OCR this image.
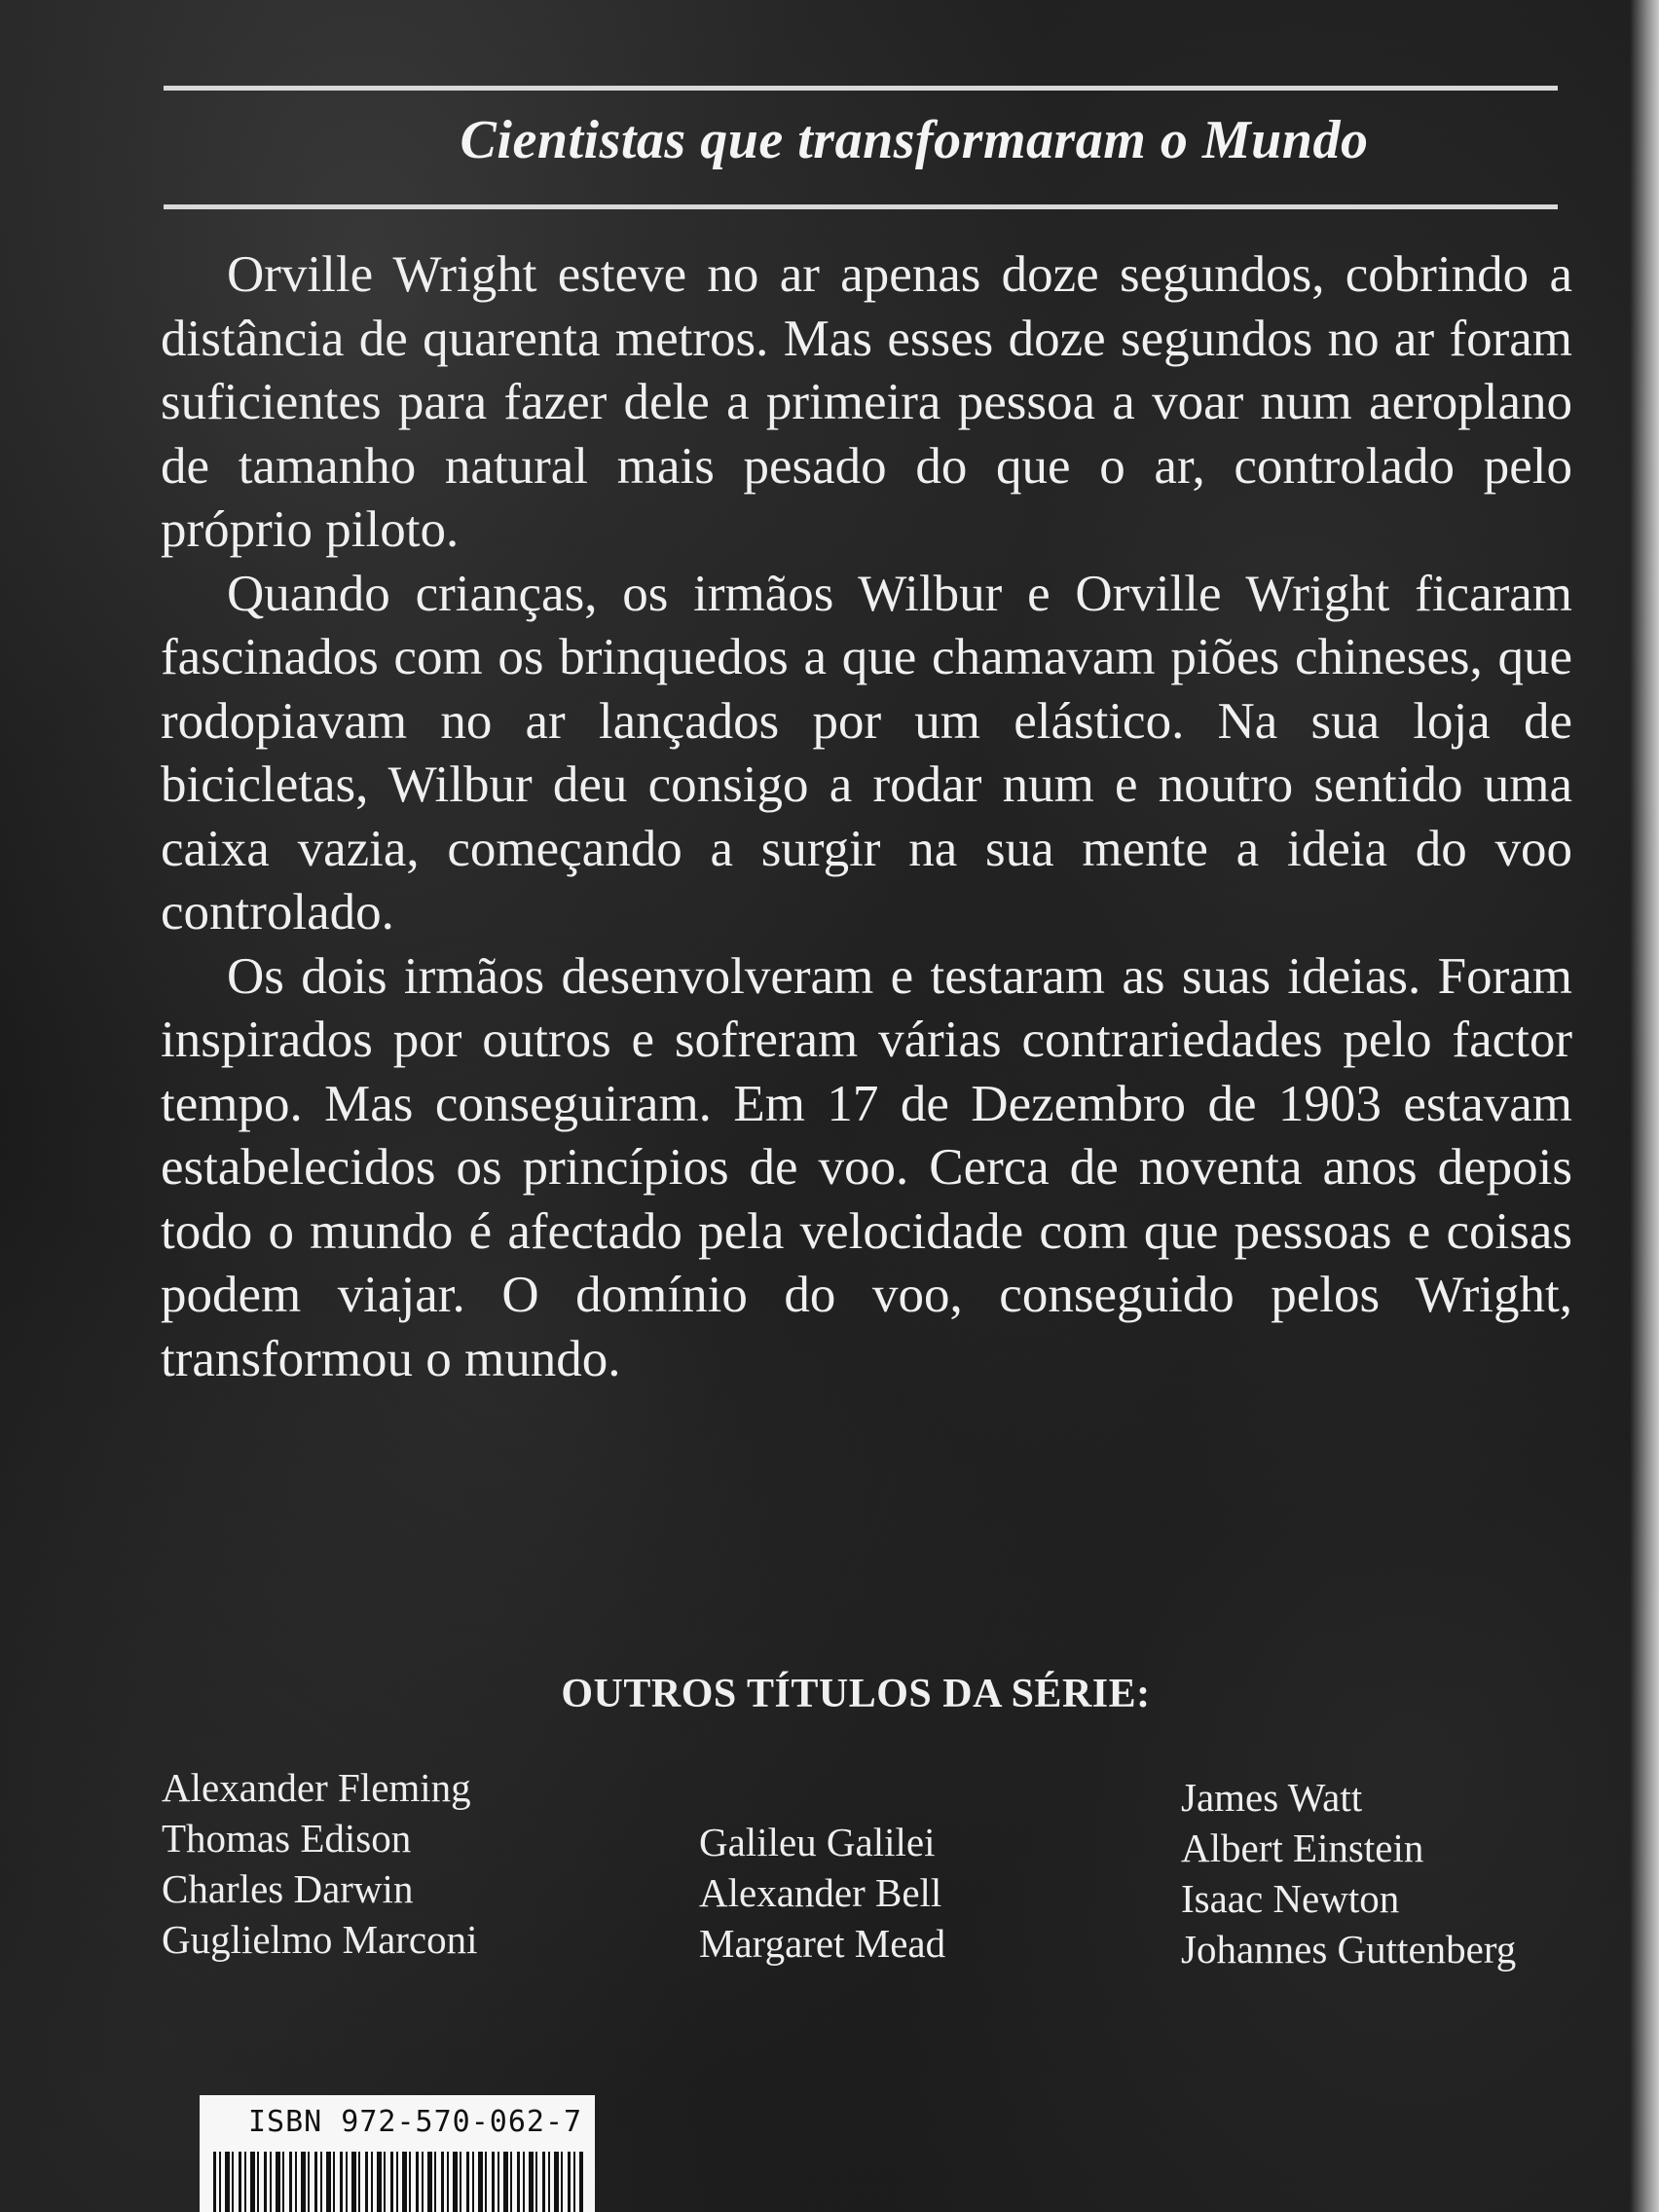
Cientistas que transformaram o Mundo

Orville Wright esteve no ar apenas doze segundos, cobrindo a distância de quarenta metros. Mas esses doze segundos no ar foram suficientes para fazer dele a primeira pessoa a voar num aeroplano de tamanho natural mais pesado do que o ar, controlado pelo próprio piloto.

Quando crianças, os irmãos Wilbur e Orville Wright ficaram fascinados com os brinquedos a que chamavam piões chineses, que rodopiavam no ar lançados por um elástico. Na sua loja de bicicletas, Wilbur deu consigo a rodar num e noutro sentido uma caixa vazia, começando a surgir na sua mente a ideia do voo controlado.

Os dois irmãos desenvolveram e testaram as suas ideias. Foram inspirados por outros e sofreram várias contrariedades pelo factor tempo. Mas conseguiram. Em 17 de Dezembro de 1903 estavam estabelecidos os princípios de voo. Cerca de noventa anos depois todo o mundo é afectado pela velocidade com que pessoas e coisas podem viajar. O domínio do voo, conseguido pelos Wright, transformou o mundo.

OUTROS TÍTULOS DA SÉRIE:
Alexander Fleming
Thomas Edison
Charles Darwin
Guglielmo Marconi
Galileu Galilei
Alexander Bell
Margaret Mead
James Watt
Albert Einstein
Isaac Newton
Johannes Guttenberg
ISBN 972-570-062-7
